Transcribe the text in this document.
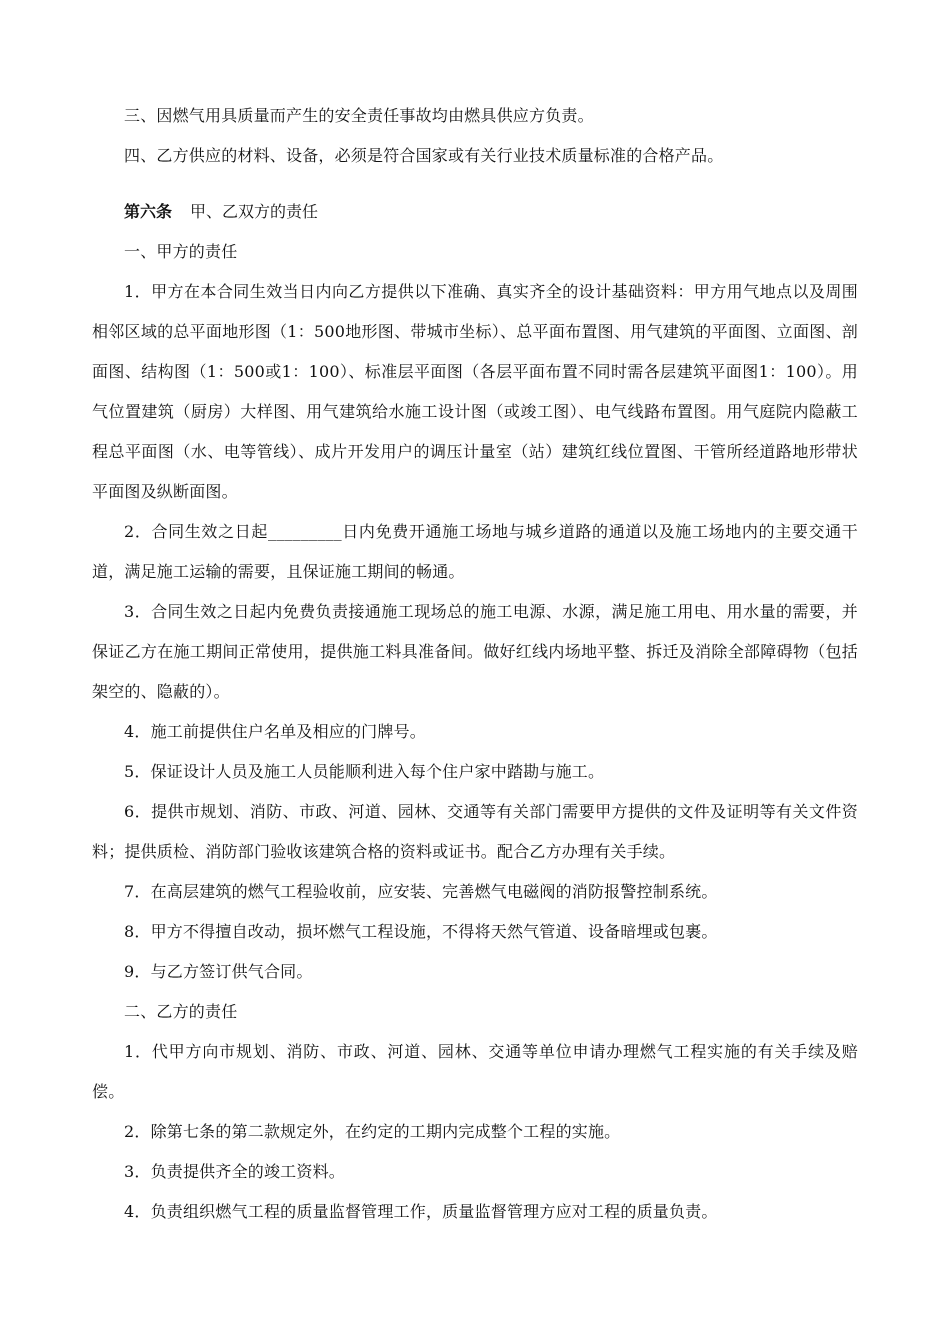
三、因燃气用具质量而产生的安全责任事故均由燃具供应方负责。

四、乙方供应的材料、设备，必须是符合国家或有关行业技术质量标准的合格产品。

第六条 甲、乙双方的责任

一、甲方的责任

1．甲方在本合同生效当日内向乙方提供以下准确、真实齐全的设计基础资料：甲方用气地点以及周围相邻区域的总平面地形图（1：500地形图、带城市坐标）、总平面布置图、用气建筑的平面图、立面图、剖面图、结构图（1：500或1：100）、标准层平面图（各层平面布置不同时需各层建筑平面图1：100）。用气位置建筑（厨房）大样图、用气建筑给水施工设计图（或竣工图）、电气线路布置图。用气庭院内隐蔽工程总平面图（水、电等管线）、成片开发用户的调压计量室（站）建筑红线位置图、干管所经道路地形带状平面图及纵断面图。

2．合同生效之日起_________日内免费开通施工场地与城乡道路的通道以及施工场地内的主要交通干道，满足施工运输的需要，且保证施工期间的畅通。

3．合同生效之日起内免费负责接通施工现场总的施工电源、水源，满足施工用电、用水量的需要，并保证乙方在施工期间正常使用，提供施工料具准备间。做好红线内场地平整、拆迁及消除全部障碍物（包括架空的、隐蔽的）。

4．施工前提供住户名单及相应的门牌号。

5．保证设计人员及施工人员能顺利进入每个住户家中踏勘与施工。

6．提供市规划、消防、市政、河道、园林、交通等有关部门需要甲方提供的文件及证明等有关文件资料；提供质检、消防部门验收该建筑合格的资料或证书。配合乙方办理有关手续。

7．在高层建筑的燃气工程验收前，应安装、完善燃气电磁阀的消防报警控制系统。

8．甲方不得擅自改动，损坏燃气工程设施，不得将天然气管道、设备暗埋或包裹。

9．与乙方签订供气合同。

二、乙方的责任

1．代甲方向市规划、消防、市政、河道、园林、交通等单位申请办理燃气工程实施的有关手续及赔偿。

2．除第七条的第二款规定外，在约定的工期内完成整个工程的实施。

3．负责提供齐全的竣工资料。

4．负责组织燃气工程的质量监督管理工作，质量监督管理方应对工程的质量负责。
